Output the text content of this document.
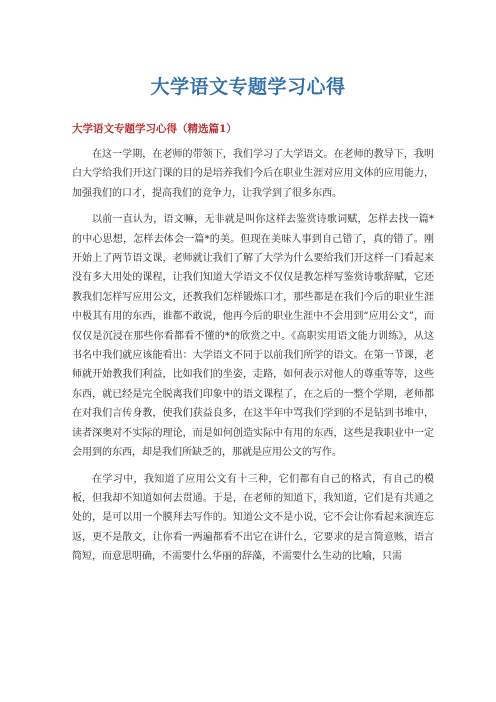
大学语文专题学习心得
大学语文专题学习心得（精选篇1）

在这一学期，在老师的带领下，我们学习了大学语文。在老师的教导下，我明白大学给我们开这门课的目的是培养我们今后在职业生涯对应用文体的应用能力，加强我们的口才，提高我们的竞争力，让我学到了很多东西。

以前一直认为，语文嘛，无非就是叫你这样去鉴赏诗歌词赋，怎样去找一篇*的中心思想，怎样去体会一篇*的美。但现在美味人事到自己错了，真的错了。刚开始上了两节语文课，老师就让我们了解了大学为什么要给我们开这样一门看起来没有多大用处的课程，让我们知道大学语文不仅仅是教怎样写鉴赏诗歌辞赋，它还教我们怎样写应用公文，还教我们怎样锻炼口才，那些都是在我们今后的职业生涯中极其有用的东西，谁都不敢说，他再今后的职业生涯中不会用到“应用公文”，而仅仅是沉浸在那些你看都看不懂的*的欣赏之中。《高职实用语文能力训练》，从这书名中我们就应该能看出：大学语文不同于以前我们所学的语文。在第一节课，老师就开始教我们利益，比如我们的坐姿，走路，如何表示对他人的尊重等等，这些东西，就已经是完全脱离我们印象中的语文课程了，在之后的一整个学期，老师都在对我们言传身教，使我们获益良多，在这半年中骂我们学到的不是钻到书堆中，读者深奥对不实际的理论，而是如何创造实际中有用的东西，这些是我职业中一定会用到的东西，却是我们所缺乏的，那就是应用公文的写作。

在学习中，我知道了应用公文有十三种，它们都有自己的格式，有自己的模板，但我却不知道如何去贯通。于是，在老师的知道下，我知道，它们是有共通之处的，是可以用一个膜拜去写作的。知道公文不是小说，它不会让你看起来演连忘返，更不是散文，让你看一两遍都看不出它在讲什么，它要求的是言简意赅，语言简短，而意思明确，不需要什么华丽的辞藻，不需要什么生动的比喻，只需
